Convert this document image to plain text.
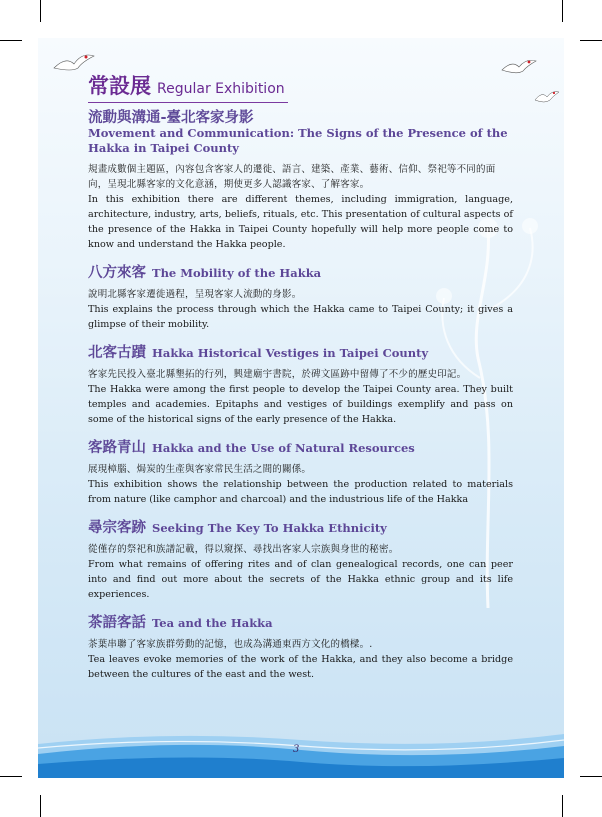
常設展 Regular Exhibition
流動與溝通-臺北客家身影
Movement and Communication: The Signs of the Presence of the Hakka in Taipei County
規畫成數個主題區，內容包含客家人的遷徙、語言、建築、產業、藝術、信仰、祭祀等不同的面向，呈現北縣客家的文化意涵，期使更多人認識客家、了解客家。
In this exhibition there are different themes, including immigration, language, architecture, industry, arts, beliefs, rituals, etc. This presentation of cultural aspects of the presence of the Hakka in Taipei County hopefully will help more people come to know and understand the Hakka people.
八方來客 The Mobility of the Hakka
說明北縣客家遷徙過程，呈現客家人流動的身影。
This explains the process through which the Hakka came to Taipei County; it gives a glimpse of their mobility.
北客古蹟 Hakka Historical Vestiges in Taipei County
客家先民投入臺北縣墾拓的行列，興建廟宇書院，於碑文區跡中留傳了不少的歷史印記。
The Hakka were among the first people to develop the Taipei County area. They built temples and academies. Epitaphs and vestiges of buildings exemplify and pass on some of the historical signs of the early presence of the Hakka.
客路青山 Hakka and the Use of Natural Resources
展現樟腦、焗炭的生產與客家常民生活之間的關係。
This exhibition shows the relationship between the production related to materials from nature (like camphor and charcoal) and the industrious life of the Hakka
尋宗客跡 Seeking The Key To Hakka Ethnicity
從僅存的祭祀和族譜記載，得以窺探、尋找出客家人宗族與身世的秘密。
From what remains of offering rites and of clan genealogical records, one can peer into and find out more about the secrets of the Hakka ethnic group and its life experiences.
茶語客話 Tea and the Hakka
茶葉串聯了客家族群勞動的記憶，也成為溝通東西方文化的橋樑。.
Tea leaves evoke memories of the work of the Hakka, and they also become a bridge between the cultures of the east and the west.
3
